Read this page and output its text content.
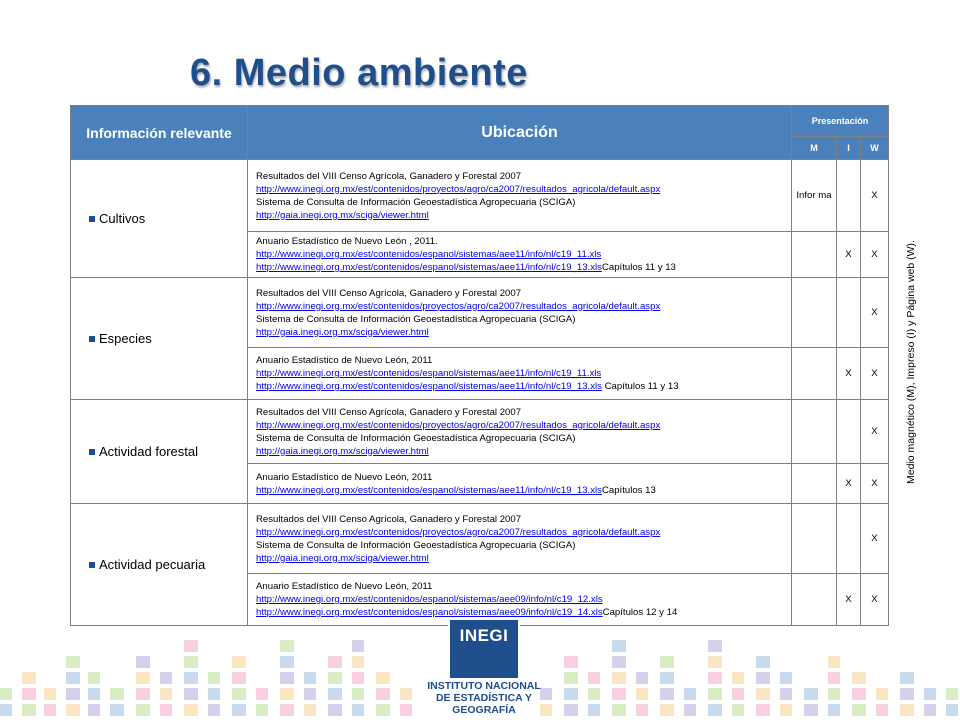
6. Medio ambiente
Información relevante	Ubicación	Presentación		
		M	I	W
Cultivos	Resultados del VIII Censo Agrícola, Ganadero y Forestal 2007
http://www.inegi.org.mx/est/contenidos/proyectos/agro/ca2007/resultados_agricola/default.aspx
Sistema de Consulta de Información Geoestadística Agropecuaria (SCIGA)
http://gaia.inegi.org.mx/sciga/viewer.html	Infor ma		X

	Anuario Estadístico de Nuevo León , 2011.
http://www.inegi.org.mx/est/contenidos/espanol/sistemas/aee11/info/nl/c19_11.xls
http://www.inegi.org.mx/est/contenidos/espanol/sistemas/aee11/info/nl/c19_13.xlsCapítulos 11 y 13		X	X
Especies	Resultados del VIII Censo Agrícola, Ganadero y Forestal 2007
http://www.inegi.org.mx/est/contenidos/proyectos/agro/ca2007/resultados_agricola/default.aspx
Sistema de Consulta de Información Geoestadística Agropecuaria (SCIGA)
http://gaia.inegi.org.mx/sciga/viewer.html			X

	Anuario Estadístico de Nuevo León, 2011
http://www.inegi.org.mx/est/contenidos/espanol/sistemas/aee11/info/nl/c19_11.xls
http://www.inegi.org.mx/est/contenidos/espanol/sistemas/aee11/info/nl/c19_13.xls Capítulos 11 y 13		X	X
Actividad forestal	Resultados del VIII Censo Agrícola, Ganadero y Forestal 2007
http://www.inegi.org.mx/est/contenidos/proyectos/agro/ca2007/resultados_agricola/default.aspx
Sistema de Consulta de Información Geoestadística Agropecuaria (SCIGA)
http://gaia.inegi.org.mx/sciga/viewer.html			X

	Anuario Estadístico de Nuevo León, 2011
http://www.inegi.org.mx/est/contenidos/espanol/sistemas/aee11/info/nl/c19_13.xlsCapítulos 13		X	X
Actividad pecuaria	Resultados del VIII Censo Agrícola, Ganadero y Forestal 2007
http://www.inegi.org.mx/est/contenidos/proyectos/agro/ca2007/resultados_agricola/default.aspx
Sistema de Consulta de Información Geoestadística Agropecuaria (SCIGA)
http://gaia.inegi.org.mx/sciga/viewer.html			X

	Anuario Estadístico de Nuevo León, 2011
http://www.inegi.org.mx/est/contenidos/espanol/sistemas/aee09/info/nl/c19_12.xls
http://www.inegi.org.mx/est/contenidos/espanol/sistemas/aee09/info/nl/c19_14.xlsCapítulos 12 y 14		X	X
Medio magnético (M), Impreso (I) y Página web (W).
INEGI
INSTITUTO NACIONAL
DE ESTADÍSTICA Y GEOGRAFÍA
